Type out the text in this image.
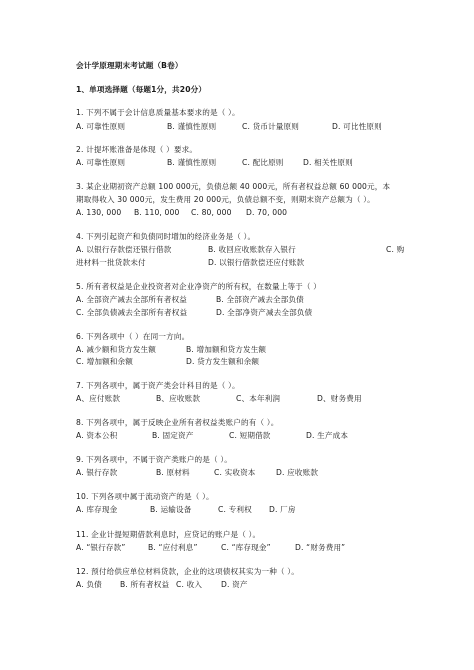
会计学原理期末考试题（B卷）
1、单项选择题（每题1分，共20分）
1. 下列不属于会计信息质量基本要求的是（ ）。
A. 可靠性原则	B. 谨慎性原则	C. 货币计量原则	D. 可比性原则
2. 计提坏账准备是体现（ ）要求。
A. 可靠性原则	B. 谨慎性原则	C. 配比原则	D. 相关性原则
3. 某企业期初资产总额 100 000元，负债总额 40 000元，所有者权益总额 60 000元，本
期取得收入 30 000元，发生费用 20 000元，负债总额不变，则期末资产总额为（ ）。
A. 130, 000 B. 110, 000 C. 80, 000 D. 70, 000
4. 下列引起资产和负债同时增加的经济业务是（ ）。
A. 以银行存款偿还银行借款	B. 收回应收账款存入银行	C. 购
进材料一批货款未付	D. 以银行借款偿还应付账款
5. 所有者权益是企业投资者对企业净资产的所有权，在数量上等于（ ）
A. 全部资产减去全部所有者权益	B. 全部资产减去全部负债
C. 全部负债减去全部所有者权益	D. 全部净资产减去全部负债
6. 下列各项中（ ）在同一方向。
A. 减少额和货方发生额	B. 增加额和贷方发生额
C. 增加额和余额	D. 贷方发生额和余额
7. 下列各项中，属于资产类会计科目的是（ ）。
A、应付账款	B、应收账款	C、本年利润	D、财务费用
8. 下列各项中，属于反映企业所有者权益类账户的有（ ）。
A. 资本公积	B. 固定资产	C. 短期借款	D. 生产成本
9. 下列各项中，不属于资产类账户的是（ ）。
A. 银行存款	B. 原材料	C. 实收资本	D. 应收账款
10. 下列各项中属于流动资产的是（ ）。
A. 库存现金	B. 运输设备	C. 专利权 D. 厂房
11. 企业计提短期借款利息时，应贷记的账户是（ ）。
A. “银行存款”	B. “应付利息”	C. “库存现金”	D. “财务费用”
12. 预付给供应单位材料货款，企业的这项债权其实为一种（ ）。
A. 负债 B. 所有者权益 C. 收入 D. 资产
